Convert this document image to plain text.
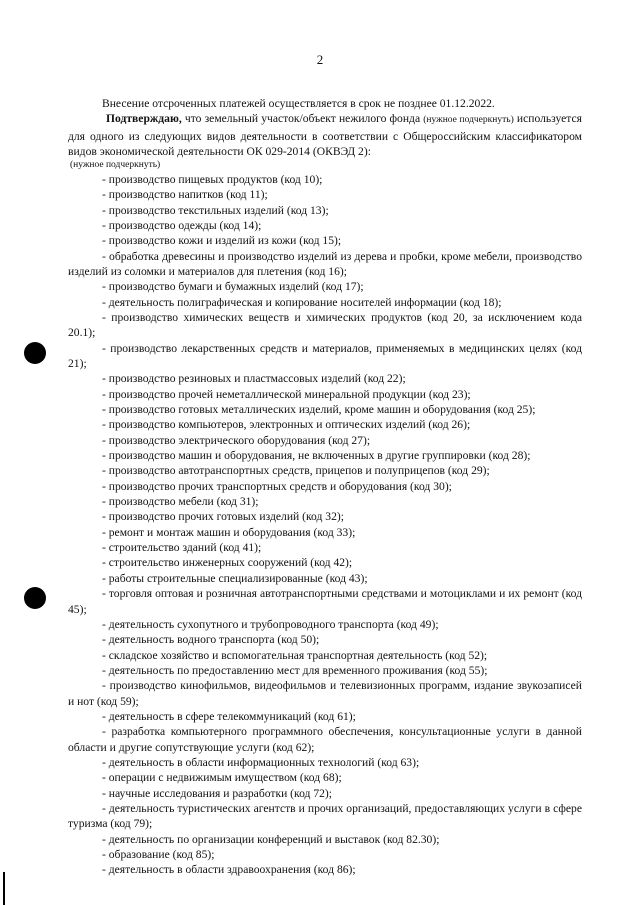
2

Внесение отсроченных платежей осуществляется в срок не позднее 01.12.2022.

Подтверждаю, что земельный участок/объект нежилого фонда (нужное подчеркнуть) используется для одного из следующих видов деятельности в соответствии с Общероссийским классификатором видов экономической деятельности ОК 029-2014 (ОКВЭД 2):

(нужное подчеркнуть)

- производство пищевых продуктов (код 10);

- производство напитков (код 11);

- производство текстильных изделий (код 13);

- производство одежды (код 14);

- производство кожи и изделий из кожи (код 15);

- обработка древесины и производство изделий из дерева и пробки, кроме мебели, производство изделий из соломки и материалов для плетения (код 16);

- производство бумаги и бумажных изделий (код 17);

- деятельность полиграфическая и копирование носителей информации (код 18);

- производство химических веществ и химических продуктов (код 20, за исключением кода 20.1);

- производство лекарственных средств и материалов, применяемых в медицинских целях (код 21);

- производство резиновых и пластмассовых изделий (код 22);

- производство прочей неметаллической минеральной продукции (код 23);

- производство готовых металлических изделий, кроме машин и оборудования (код 25);

- производство компьютеров, электронных и оптических изделий (код 26);

- производство электрического оборудования (код 27);

- производство машин и оборудования, не включенных в другие группировки (код 28);

- производство автотранспортных средств, прицепов и полуприцепов (код 29);

- производство прочих транспортных средств и оборудования (код 30);

- производство мебели (код 31);

- производство прочих готовых изделий (код 32);

- ремонт и монтаж машин и оборудования (код 33);

- строительство зданий (код 41);

- строительство инженерных сооружений (код 42);

- работы строительные специализированные (код 43);

- торговля оптовая и розничная автотранспортными средствами и мотоциклами и их ремонт (код 45);

- деятельность сухопутного и трубопроводного транспорта (код 49);

- деятельность водного транспорта (код 50);

- складское хозяйство и вспомогательная транспортная деятельность (код 52);

- деятельность по предоставлению мест для временного проживания (код 55);

- производство кинофильмов, видеофильмов и телевизионных программ, издание звукозаписей и нот (код 59);

- деятельность в сфере телекоммуникаций (код 61);

- разработка компьютерного программного обеспечения, консультационные услуги в данной области и другие сопутствующие услуги (код 62);

- деятельность в области информационных технологий (код 63);

- операции с недвижимым имуществом (код 68);

- научные исследования и разработки (код 72);

- деятельность туристических агентств и прочих организаций, предоставляющих услуги в сфере туризма (код 79);

- деятельность по организации конференций и выставок (код 82.30);

- образование (код 85);

- деятельность в области здравоохранения (код 86);
